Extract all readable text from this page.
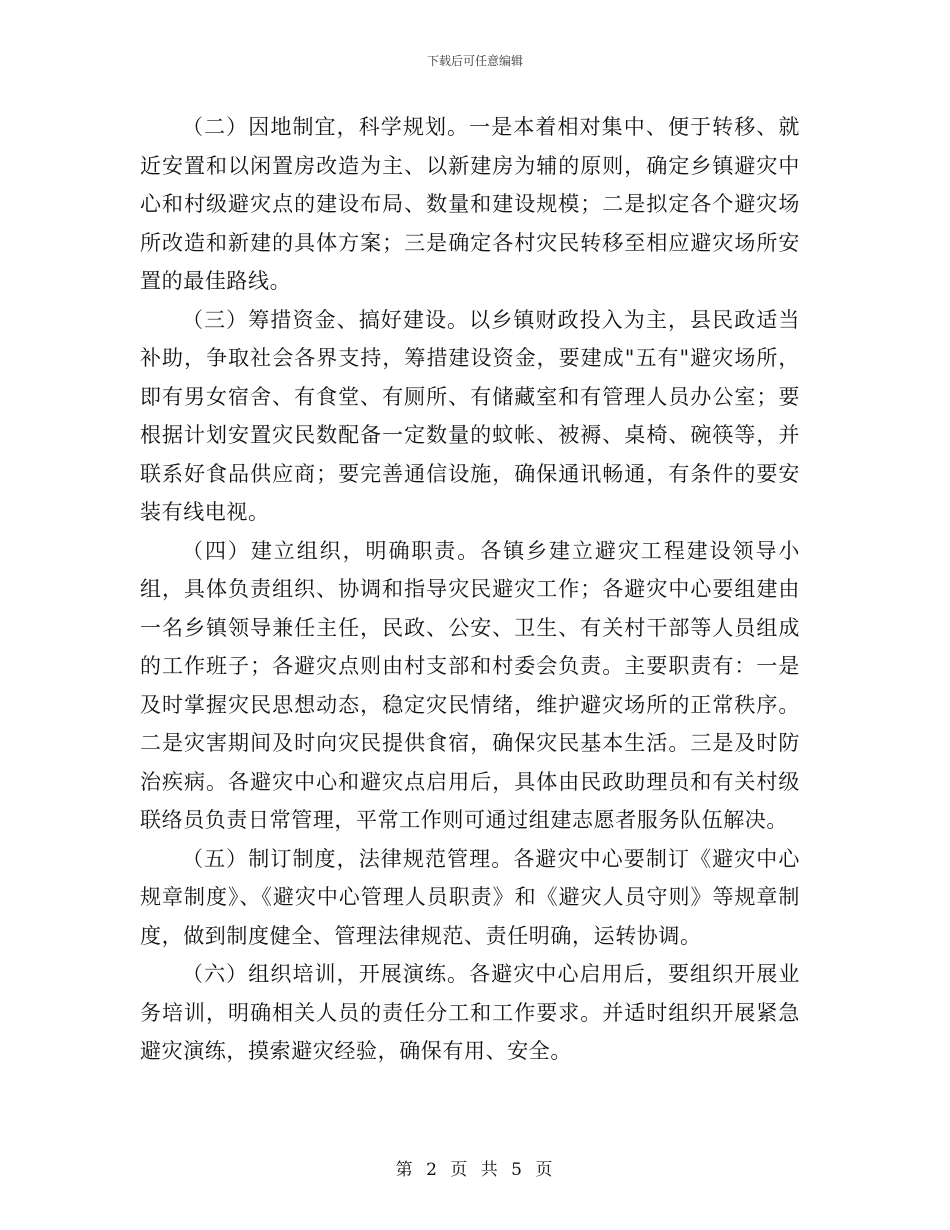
下载后可任意编辑

（二）因地制宜，科学规划。一是本着相对集中、便于转移、就近安置和以闲置房改造为主、以新建房为辅的原则，确定乡镇避灾中心和村级避灾点的建设布局、数量和建设规模；二是拟定各个避灾场所改造和新建的具体方案；三是确定各村灾民转移至相应避灾场所安置的最佳路线。

（三）筹措资金、搞好建设。以乡镇财政投入为主，县民政适当补助，争取社会各界支持，筹措建设资金，要建成"五有"避灾场所，即有男女宿舍、有食堂、有厕所、有储藏室和有管理人员办公室；要根据计划安置灾民数配备一定数量的蚊帐、被褥、桌椅、碗筷等，并联系好食品供应商；要完善通信设施，确保通讯畅通，有条件的要安装有线电视。

（四）建立组织，明确职责。各镇乡建立避灾工程建设领导小组，具体负责组织、协调和指导灾民避灾工作；各避灾中心要组建由一名乡镇领导兼任主任，民政、公安、卫生、有关村干部等人员组成的工作班子；各避灾点则由村支部和村委会负责。主要职责有：一是及时掌握灾民思想动态，稳定灾民情绪，维护避灾场所的正常秩序。二是灾害期间及时向灾民提供食宿，确保灾民基本生活。三是及时防治疾病。各避灾中心和避灾点启用后，具体由民政助理员和有关村级联络员负责日常管理，平常工作则可通过组建志愿者服务队伍解决。

（五）制订制度，法律规范管理。各避灾中心要制订《避灾中心规章制度》、《避灾中心管理人员职责》和《避灾人员守则》等规章制度，做到制度健全、管理法律规范、责任明确，运转协调。

（六）组织培训，开展演练。各避灾中心启用后，要组织开展业务培训，明确相关人员的责任分工和工作要求。并适时组织开展紧急避灾演练，摸索避灾经验，确保有用、安全。

第 2 页 共 5 页
